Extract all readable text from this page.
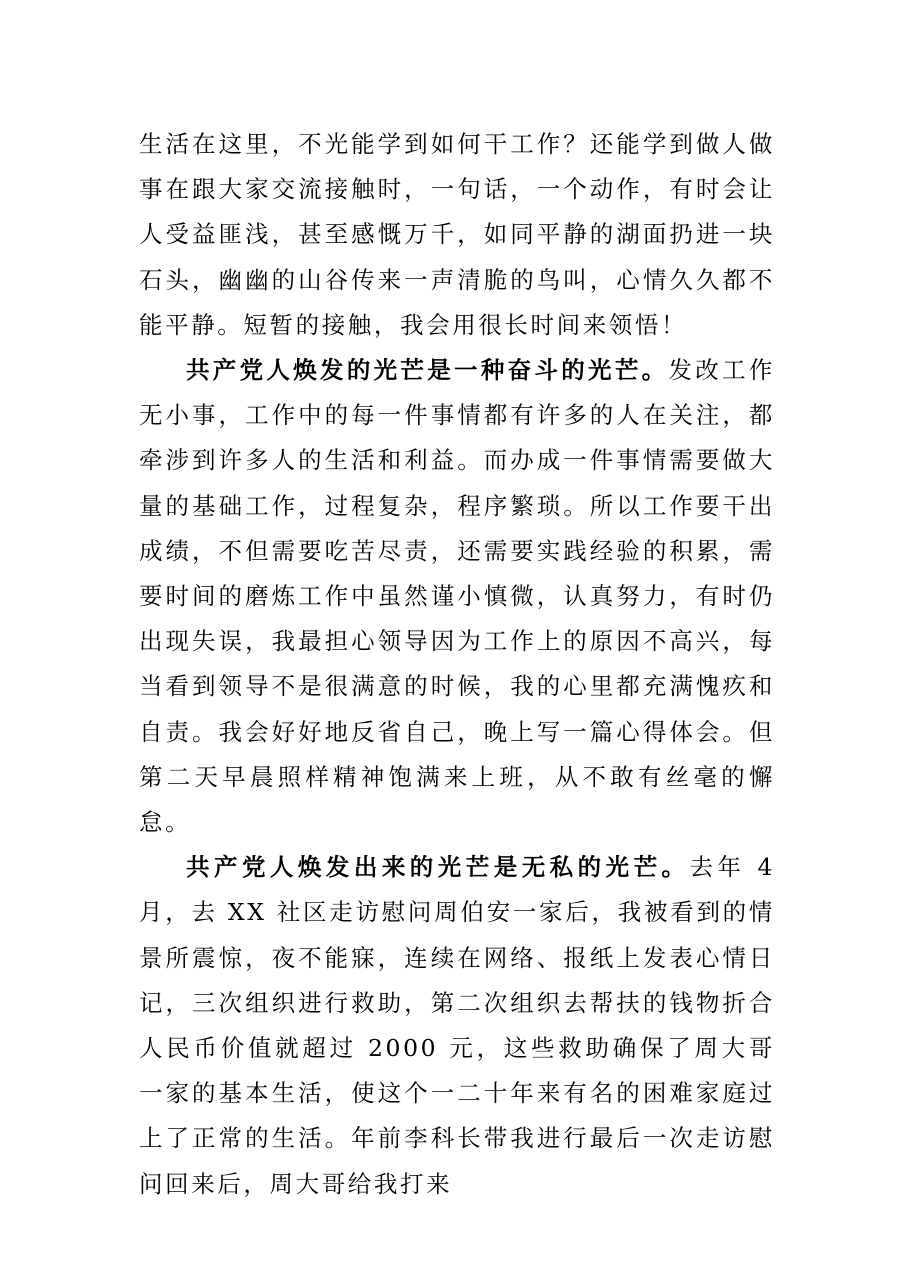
生活在这里，不光能学到如何干工作？还能学到做人做事在跟大家交流接触时，一句话，一个动作，有时会让人受益匪浅，甚至感慨万千，如同平静的湖面扔进一块石头，幽幽的山谷传来一声清脆的鸟叫，心情久久都不能平静。短暂的接触，我会用很长时间来领悟！

共产党人焕发的光芒是一种奋斗的光芒。发改工作无小事，工作中的每一件事情都有许多的人在关注，都牵涉到许多人的生活和利益。而办成一件事情需要做大量的基础工作，过程复杂，程序繁琐。所以工作要干出成绩，不但需要吃苦尽责，还需要实践经验的积累，需要时间的磨炼工作中虽然谨小慎微，认真努力，有时仍出现失误，我最担心领导因为工作上的原因不高兴，每当看到领导不是很满意的时候，我的心里都充满愧疚和自责。我会好好地反省自己，晚上写一篇心得体会。但第二天早晨照样精神饱满来上班，从不敢有丝毫的懈怠。

共产党人焕发出来的光芒是无私的光芒。去年 4 月，去 XX 社区走访慰问周伯安一家后，我被看到的情景所震惊，夜不能寐，连续在网络、报纸上发表心情日记，三次组织进行救助，第二次组织去帮扶的钱物折合人民币价值就超过 2000 元，这些救助确保了周大哥一家的基本生活，使这个一二十年来有名的困难家庭过上了正常的生活。年前李科长带我进行最后一次走访慰问回来后，周大哥给我打来
